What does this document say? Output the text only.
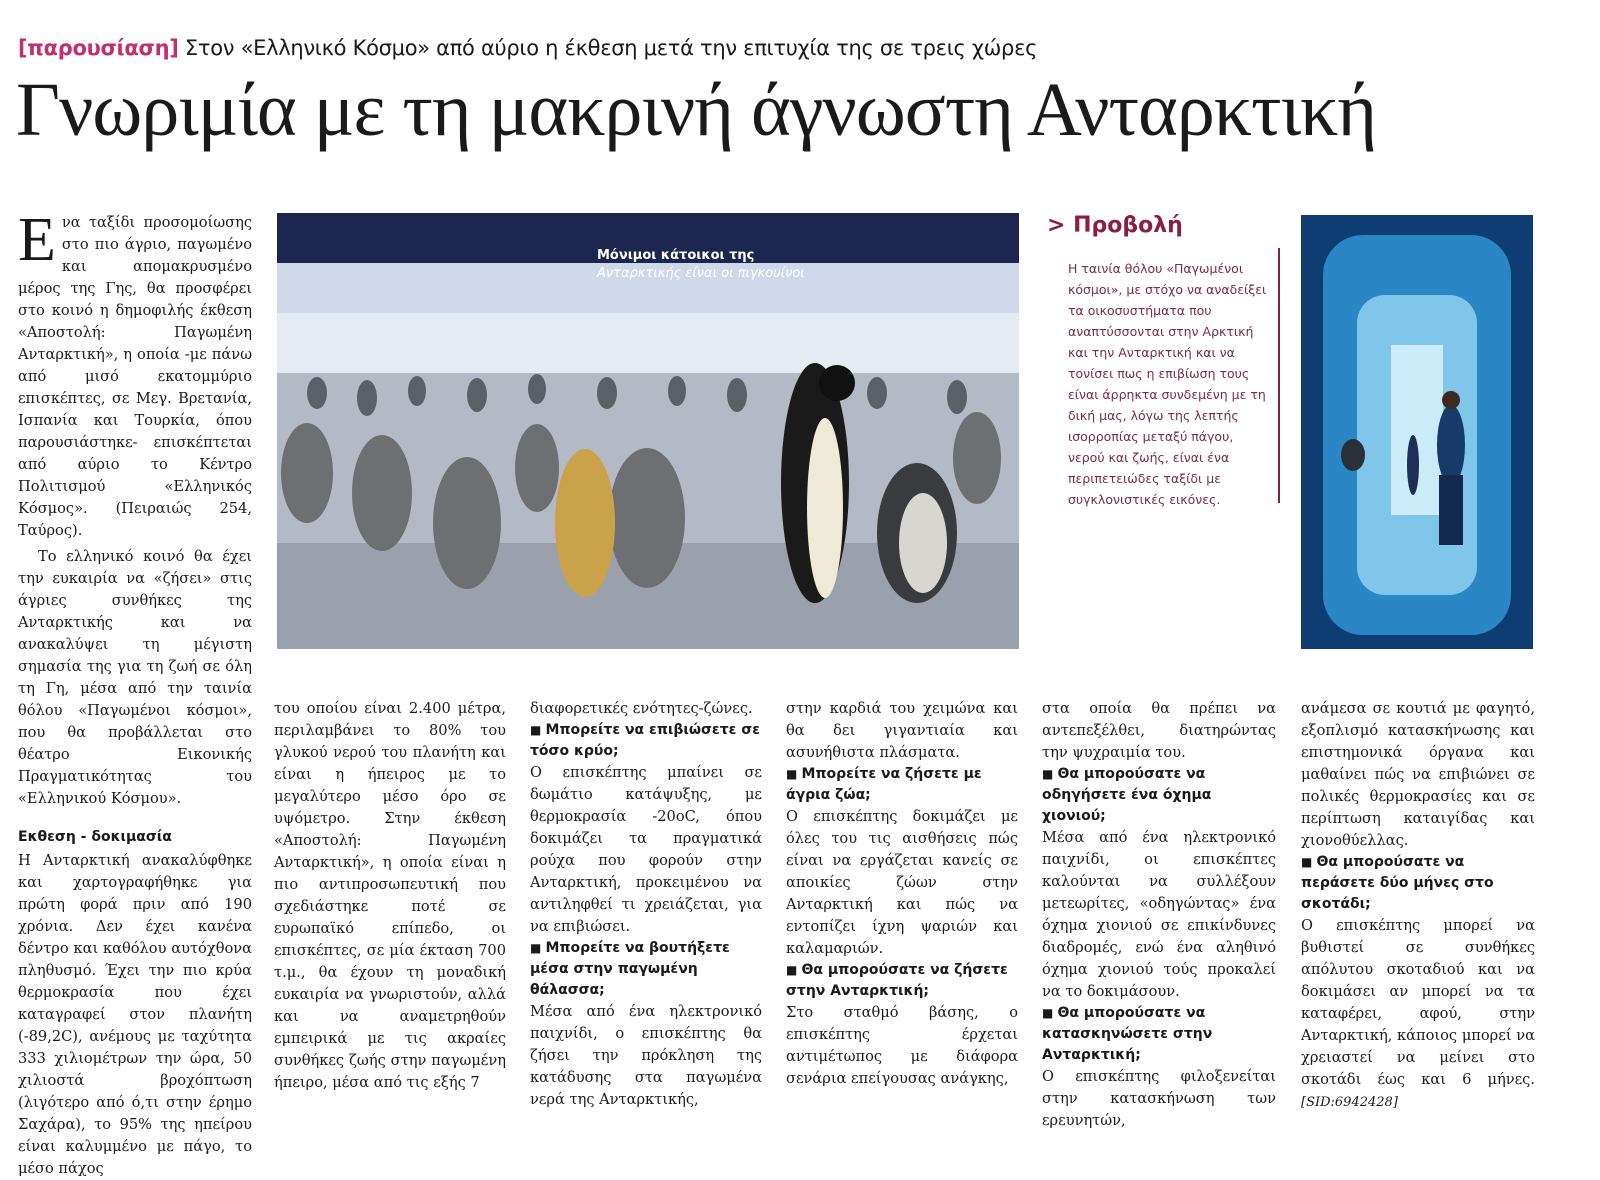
[παρουσίαση] Στον «Ελληνικό Κόσμο» από αύριο η έκθεση μετά την επιτυχία της σε τρεις χώρες
Γνωριμία με τη μακρινή άγνωστη Ανταρκτική

Ενα ταξίδι προσομοίωσης στο πιο άγριο, παγωμένο και απομακρυσμένο μέρος της Γης, θα προσφέρει στο κοινό η δημοφιλής έκθεση «Αποστολή: Παγωμένη Ανταρκτική», η οποία -με πάνω από μισό εκατομμύριο επισκέπτες, σε Μεγ. Βρετανία, Ισπανία και Τουρκία, όπου παρουσιάστηκε- επισκέπτεται από αύριο το Κέντρο Πολιτισμού «Ελληνικός Κόσμος». (Πειραιώς 254, Ταύρος).

Το ελληνικό κοινό θα έχει την ευκαιρία να «ζήσει» στις άγριες συνθήκες της Ανταρκτικής και να ανακαλύψει τη μέγιστη σημασία της για τη ζωή σε όλη τη Γη, μέσα από την ταινία θόλου «Παγωμένοι κόσμοι», που θα προβάλλεται στο θέατρο Εικονικής Πραγματικότητας του «Ελληνικού Κόσμου».

Εκθεση - δοκιμασία

Η Ανταρκτική ανακαλύφθηκε και χαρτογραφήθηκε για πρώτη φορά πριν από 190 χρόνια. Δεν έχει κανένα δέντρο και καθόλου αυτόχθονα πληθυσμό. Έχει την πιο κρύα θερμοκρασία που έχει καταγραφεί στον πλανήτη (-89,2C), ανέμους με ταχύτητα 333 χιλιομέτρων την ώρα, 50 χιλιοστά βροχόπτωση (λιγότερο από ό,τι στην έρημο Σαχάρα), το 95% της ηπείρου είναι καλυμμένο με πάγο, το μέσο πάχος

Μόνιμοι κάτοικοι της
Ανταρκτικής είναι οι πιγκουίνοι
> Προβολή
Η ταινία θόλου «Παγωμένοι κόσμοι», με στόχο να αναδείξει τα οικοσυστήματα που αναπτύσσονται στην Αρκτική και την Ανταρκτική και να τονίσει πως η επιβίωση τους είναι άρρηκτα συνδεμένη με τη δική μας, λόγω της λεπτής ισορροπίας μεταξύ πάγου, νερού και ζωής, είναι ένα περιπετειώδες ταξίδι με συγκλονιστικές εικόνες.

του οποίου είναι 2.400 μέτρα, περιλαμβάνει το 80% του γλυκού νερού του πλανήτη και είναι η ήπειρος με το μεγαλύτερο μέσο όρο σε υψόμετρο. Στην έκθεση «Αποστολή: Παγωμένη Ανταρκτική», η οποία είναι η πιο αντιπροσωπευτική που σχεδιάστηκε ποτέ σε ευρωπαϊκό επίπεδο, οι επισκέπτες, σε μία έκταση 700 τ.μ., θα έχουν τη μοναδική ευκαιρία να γνωριστούν, αλλά και να αναμετρηθούν εμπειρικά με τις ακραίες συνθήκες ζωής στην παγωμένη ήπειρο, μέσα από τις εξής 7

διαφορετικές ενότητες-ζώνες.

■ Μπορείτε να επιβιώσετε σε τόσο κρύο;

Ο επισκέπτης μπαίνει σε δωμάτιο κατάψυξης, με θερμοκρασία -20oC, όπου δοκιμάζει τα πραγματικά ρούχα που φορούν στην Ανταρκτική, προκειμένου να αντιληφθεί τι χρειάζεται, για να επιβιώσει.

■ Μπορείτε να βουτήξετε μέσα στην παγωμένη θάλασσα;

Μέσα από ένα ηλεκτρονικό παιχνίδι, ο επισκέπτης θα ζήσει την πρόκληση της κατάδυσης στα παγωμένα νερά της Ανταρκτικής,

στην καρδιά του χειμώνα και θα δει γιγαντιαία και ασυνήθιστα πλάσματα.

■ Μπορείτε να ζήσετε με άγρια ζώα;

Ο επισκέπτης δοκιμάζει με όλες του τις αισθήσεις πώς είναι να εργάζεται κανείς σε αποικίες ζώων στην Ανταρκτική και πώς να εντοπίζει ίχνη ψαριών και καλαμαριών.

■ Θα μπορούσατε να ζήσετε στην Ανταρκτική;

Στο σταθμό βάσης, ο επισκέπτης έρχεται αντιμέτωπος με διάφορα σενάρια επείγουσας ανάγκης,

στα οποία θα πρέπει να αντεπεξέλθει, διατηρώντας την ψυχραιμία του.

■ Θα μπορούσατε να οδηγήσετε ένα όχημα χιονιού;

Μέσα από ένα ηλεκτρονικό παιχνίδι, οι επισκέπτες καλούνται να συλλέξουν μετεωρίτες, «οδηγώντας» ένα όχημα χιονιού σε επικίνδυνες διαδρομές, ενώ ένα αληθινό όχημα χιονιού τούς προκαλεί να το δοκιμάσουν.

■ Θα μπορούσατε να κατασκηνώσετε στην Ανταρκτική;

Ο επισκέπτης φιλοξενείται στην κατασκήνωση των ερευνητών,

ανάμεσα σε κουτιά με φαγητό, εξοπλισμό κατασκήνωσης και επιστημονικά όργανα και μαθαίνει πώς να επιβιώνει σε πολικές θερμοκρασίες και σε περίπτωση καταιγίδας και χιονοθύελλας.

■ Θα μπορούσατε να περάσετε δύο μήνες στο σκοτάδι;

Ο επισκέπτης μπορεί να βυθιστεί σε συνθήκες απόλυτου σκοταδιού και να δοκιμάσει αν μπορεί να τα καταφέρει, αφού, στην Ανταρκτική, κάποιος μπορεί να χρειαστεί να μείνει στο σκοτάδι έως και 6 μήνες. [SID:6942428]
